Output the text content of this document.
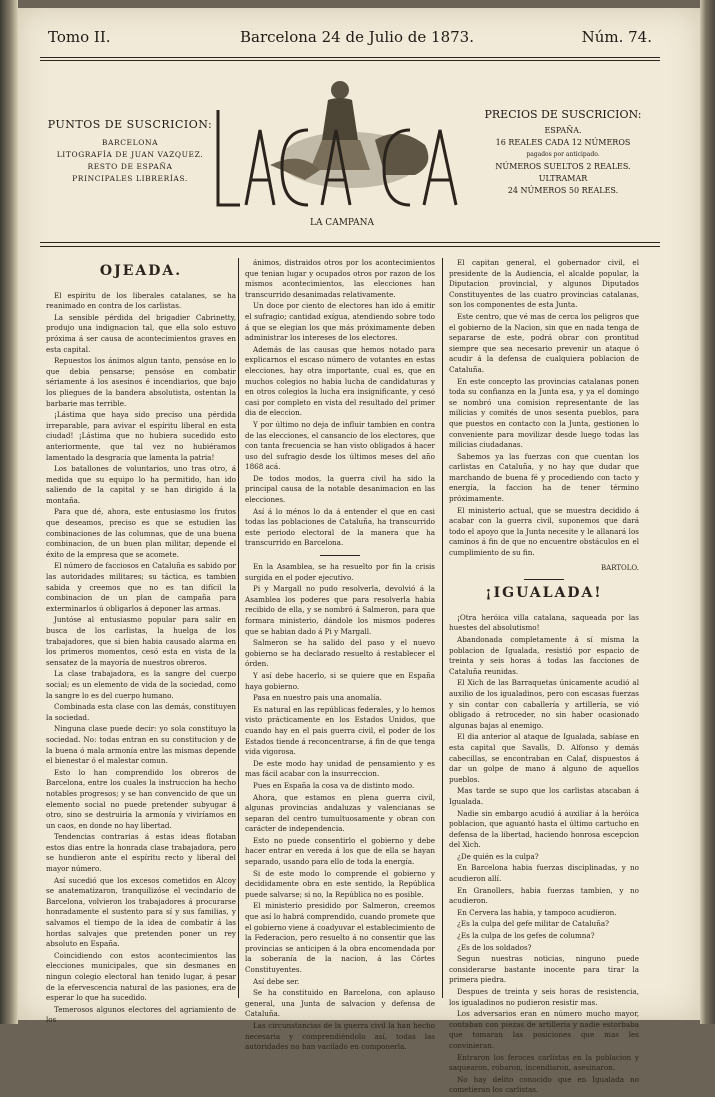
Tomo II.	Barcelona 24 de Julio de 1873.	Núm. 74.
PUNTOS DE SUSCRICION:
BARCELONA
LITOGRAFÍA DE JUAN VAZQUEZ.
RESTO DE ESPAÑA
PRINCIPALES LIBRERÍAS.
LA CAMPANA
PRECIOS DE SUSCRICION:
ESPAÑA.
16 REALES CADA 12 NÚMEROS
pagados por anticipado.
NÚMEROS SUELTOS 2 REALES.
ULTRAMAR
24 NÚMEROS 50 REALES.
OJEADA.

El espíritu de los liberales catalanes, se ha reanimado en contra de los carlistas.

La sensible pérdida del brigadier Cabrinetty, produjo una indignacion tal, que ella solo estuvo próxima á ser causa de acontecimientos graves en esta capital.

Repuestos los ánimos algun tanto, pensóse en lo que debia pensarse; pensóse en combatir sériamente á los asesinos é incendiarios, que bajo los pliegues de la bandera absolutista, ostentan la barbarie mas terrible.

¡Lástima que haya sido preciso una pérdida irreparable, para avivar el espíritu liberal en esta ciudad! ¡Lástima que no hubiera sucedido esto anteriormente, que tal vez no hubiéramos lamentado la desgracia que lamenta la patria!

Los batallones de voluntarios, uno tras otro, á medida que su equipo lo ha permitido, han ido saliendo de la capital y se han dirigido á la montaña.

Para que dé, ahora, este entusiasmo los frutos que deseamos, preciso es que se estudien las combinaciones de las columnas, que de una buena combinacion, de un buen plan militar, depende el éxito de la empresa que se acomete.

El número de facciosos en Cataluña es sabido por las autoridades militares; su táctica, es tambien sabida y creemos que no es tan difícil la combinacion de un plan de campaña para exterminarlos ú obligarlos á deponer las armas.

Juntóse al entusiasmo popular para salir en busca de los carlistas, la huelga de los trabajadores, que si bien habia causado alarma en los primeros momentos, cesó esta en vista de la sensatez de la mayoría de nuestros obreros.

La clase trabajadora, es la sangre del cuerpo social; es un elemento de vida de la sociedad, como la sangre lo es del cuerpo humano.

Combinada esta clase con las demás, constituyen la sociedad.

Ninguna clase puede decir: yo sola constituyo la sociedad. No: todas entran en su constitucion y de la buena ó mala armonía entre las mismas depende el bienestar ó el malestar comun.

Esto lo han comprendido los obreros de Barcelona, entre los cuales la instruccion ha hecho notables progresos; y se han convencido de que un elemento social no puede pretender subyugar á otro, sino se destruiria la armonía y viviríamos en un caos, en donde no hay libertad.

Tendencias contrarias á estas ideas flotaban estos dias entre la honrada clase trabajadora, pero se hundieron ante el espíritu recto y liberal del mayor número.

Así sucedió que los excesos cometidos en Alcoy se anatematizaron, tranquilizóse el vecindario de Barcelona, volvieron los trabajadores á procurarse honradamente el sustento para sí y sus familias, y salvamos el tiempo de la idea de combatir á las hordas salvajes que pretenden poner un rey absoluto en España.

Coincidiendo con estos acontecimientos las elecciones municipales, que sin desmanes en ningun colegio electoral han tenido lugar, á pesar de la efervescencia natural de las pasiones, era de esperar lo que ha sucedido.

Temerosos algunos electores del agriamiento de los

ánimos, distraidos otros por los acontecimientos que tenian lugar y ocupados otros por razon de los mismos acontecimientos, las elecciones han transcurrido desanimadas relativamente.

Un doce por ciento de electores han ido á emitir el sufragio; cantidad exígua, atendiendo sobre todo á que se elegian los que más próximamente deben administrar los intereses de los electores.

Además de las causas que hemos notado para explicarnos el escaso número de votantes en estas elecciones, hay otra importante, cual es, que en muchos colegios no habia lucha de candidaturas y en otros colegios la lucha era insignificante, y cesó casi por completo en vista del resultado del primer dia de eleccion.

Y por último no deja de influir tambien en contra de las elecciones, el cansancio de los electores, que con tanta frecuencia se han visto obligados á hacer uso del sufragio desde los últimos meses del año 1868 acá.

De todos modos, la guerra civil ha sido la principal causa de la notable desanimacion en las elecciones.

Así á lo ménos lo da á entender el que en casi todas las poblaciones de Cataluña, ha transcurrido este periodo electoral de la manera que ha transcurrido en Barcelona.

En la Asamblea, se ha resuelto por fin la crisis surgida en el poder ejecutivo.

Pi y Margall no pudo resolverla, devolvió á la Asamblea los poderes que para resolverla habia recibido de ella, y se nombró á Salmeron, para que formara ministerio, dándole los mismos poderes que se habian dado á Pi y Margall.

Salmeron se ha salido del paso y el nuevo gobierno se ha declarado resuelto á restablecer el órden.

Y así debe hacerlo, si se quiere que en España haya gobierno.

Pasa en nuestro pais una anomalía.

Es natural en las repúblicas federales, y lo hemos visto prácticamente en los Estados Unidos, que cuando hay en el pais guerra civil, el poder de los Estados tiende á reconcentrarse, á fin de que tenga vida vigorosa.

De este modo hay unidad de pensamiento y es mas fácil acabar con la insurreccion.

Pues en España la cosa va de distinto modo.

Ahora, que estamos en plena guerra civil, algunas provincias andaluzas y valencianas se separan del centro tumultuosamente y obran con carácter de independencia.

Esto no puede consentirlo el gobierno y debe hacer entrar en vereda á los que de ella se hayan separado, usando para ello de toda la energía.

Si de este modo lo comprende el gobierno y decididamente obra en este sentido, la República puede salvarse; si no, la República no es posible.

El ministerio presidido por Salmeron, creemos que así lo habrá comprendido, cuando promete que el gobierno viene á coadyuvar el establecimiento de la Federacion, pero resuelto á no consentir que las provincias se anticipen á la obra encomendada por la soberanía de la nacion, á las Córtes Constituyentes.

Así debe ser.

Se ha constituido en Barcelona, con aplauso general, una Junta de salvacion y defensa de Cataluña.

Las circunstancias de la guerra civil la han hecho necesaria y comprendiéndolo así, todas las autoridades no han vacilado en componerla.

El capitan general, el gobernador civil, el presidente de la Audiencia, el alcalde popular, la Diputacion provincial, y algunos Diputados Constituyentes de las cuatro provincias catalanas, son los componentes de esta Junta.

Este centro, que vé mas de cerca los peligros que el gobierno de la Nacion, sin que en nada tenga de separarse de este, podrá obrar con prontitud siempre que sea necesario prevenir un ataque ó acudir á la defensa de cualquiera poblacion de Cataluña.

En este concepto las provincias catalanas ponen toda su confianza en la Junta esa, y ya el domingo se nombró una comision representante de las milicias y comités de unos sesenta pueblos, para que puestos en contacto con la Junta, gestionen lo conveniente para movilizar desde luego todas las milicias ciudadanas.

Sabemos ya las fuerzas con que cuentan los carlistas en Cataluña, y no hay que dudar que marchando de buena fé y procediendo con tacto y energía, la faccion ha de tener término próximamente.

El ministerio actual, que se muestra decidido á acabar con la guerra civil, suponemos que dará todo el apoyo que la Junta necesite y le allanará los caminos á fin de que no encuentre obstáculos en el cumplimiento de su fin.

BARTOLO.
¡IGUALADA!

¡Otra heróica villa catalana, saqueada por las huestes del absolutismo!

Abandonada completamente á sí misma la poblacion de Igualada, resistió por espacio de treinta y seis horas á todas las facciones de Cataluña reunidas.

El Xich de las Barraquetas únicamente acudió al auxilio de los igualadinos, pero con escasas fuerzas y sin contar con caballería y artillería, se vió obligado á retroceder, no sin haber ocasionado algunas bajas al enemigo.

El dia anterior al ataque de Igualada, sabíase en esta capital que Savalls, D. Alfonso y demás cabecillas, se encontraban en Calaf, dispuestos á dar un golpe de mano á alguno de aquellos pueblos.

Mas tarde se supo que los carlistas atacaban á Igualada.

Nadie sin embargo acudió á auxiliar á la heróica poblacion, que aguantó hasta el último cartucho en defensa de la libertad, haciendo honrosa escepcion del Xich.

¿De quién es la culpa?

En Barcelona habia fuerzas disciplinadas, y no acudieron allí.

En Granollers, habia fuerzas tambien, y no acudieron.

En Cervera las habia, y tampoco acudieron.

¿Es la culpa del gefe militar de Cataluña?

¿Es la culpa de los gefes de columna?

¿Es de los soldados?

Segun nuestras noticias, ninguno puede considerarse bastante inocente para tirar la primera piedra.

Despues de treinta y seis horas de resistencia, los igualadinos no pudieron resistir mas.

Los adversarios eran en número mucho mayor, contaban con piezas de artillería y nadie estorbaba que tomaran las posiciones que mas les convinieran.

Entraron los feroces carlistas en la poblacion y saquearon, robaron, incendiaron, asesinaron.

No hay delito conocido que en Igualada no cometieran los carlistas.
